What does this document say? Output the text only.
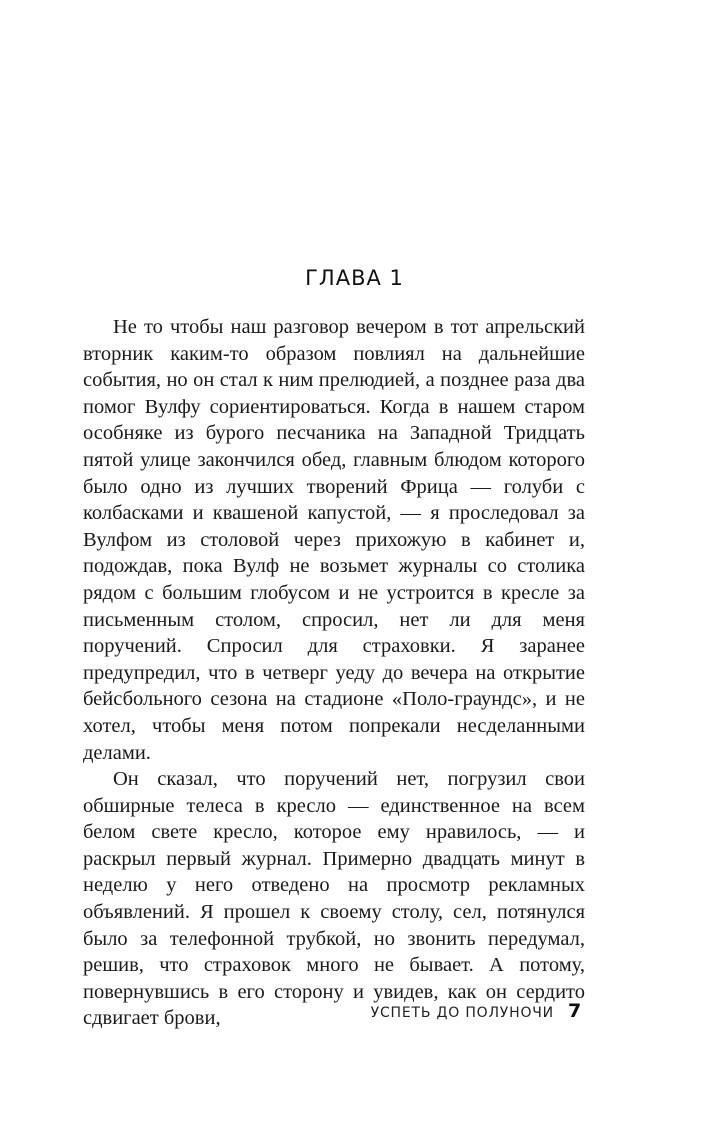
ГЛАВА 1

Не то чтобы наш разговор вечером в тот апрельский вторник каким-то образом повлиял на дальнейшие события, но он стал к ним прелюдией, а позднее раза два помог Вулфу сориентироваться. Когда в нашем старом особняке из бурого песчаника на Западной Тридцать пятой улице закончился обед, главным блюдом которого было одно из лучших творений Фрица — голуби с колбасками и квашеной капустой, — я проследовал за Вулфом из столовой через прихожую в кабинет и, подождав, пока Вулф не возьмет журналы со столика рядом с большим глобусом и не устроится в кресле за письменным столом, спросил, нет ли для меня поручений. Спросил для страховки. Я заранее предупредил, что в четверг уеду до вечера на открытие бейсбольного сезона на стадионе «Поло-граундс», и не хотел, чтобы меня потом попрекали несделанными делами.

Он сказал, что поручений нет, погрузил свои обширные телеса в кресло — единственное на всем белом свете кресло, которое ему нравилось, — и раскрыл первый журнал. Примерно двадцать минут в неделю у него отведено на просмотр рекламных объявлений. Я прошел к своему столу, сел, потянулся было за телефонной трубкой, но звонить передумал, решив, что страховок много не бывает. А потому, повернувшись в его сторону и увидев, как он сердито сдвигает брови,	УСПЕТЬ ДО ПОЛУНОЧИ 7
